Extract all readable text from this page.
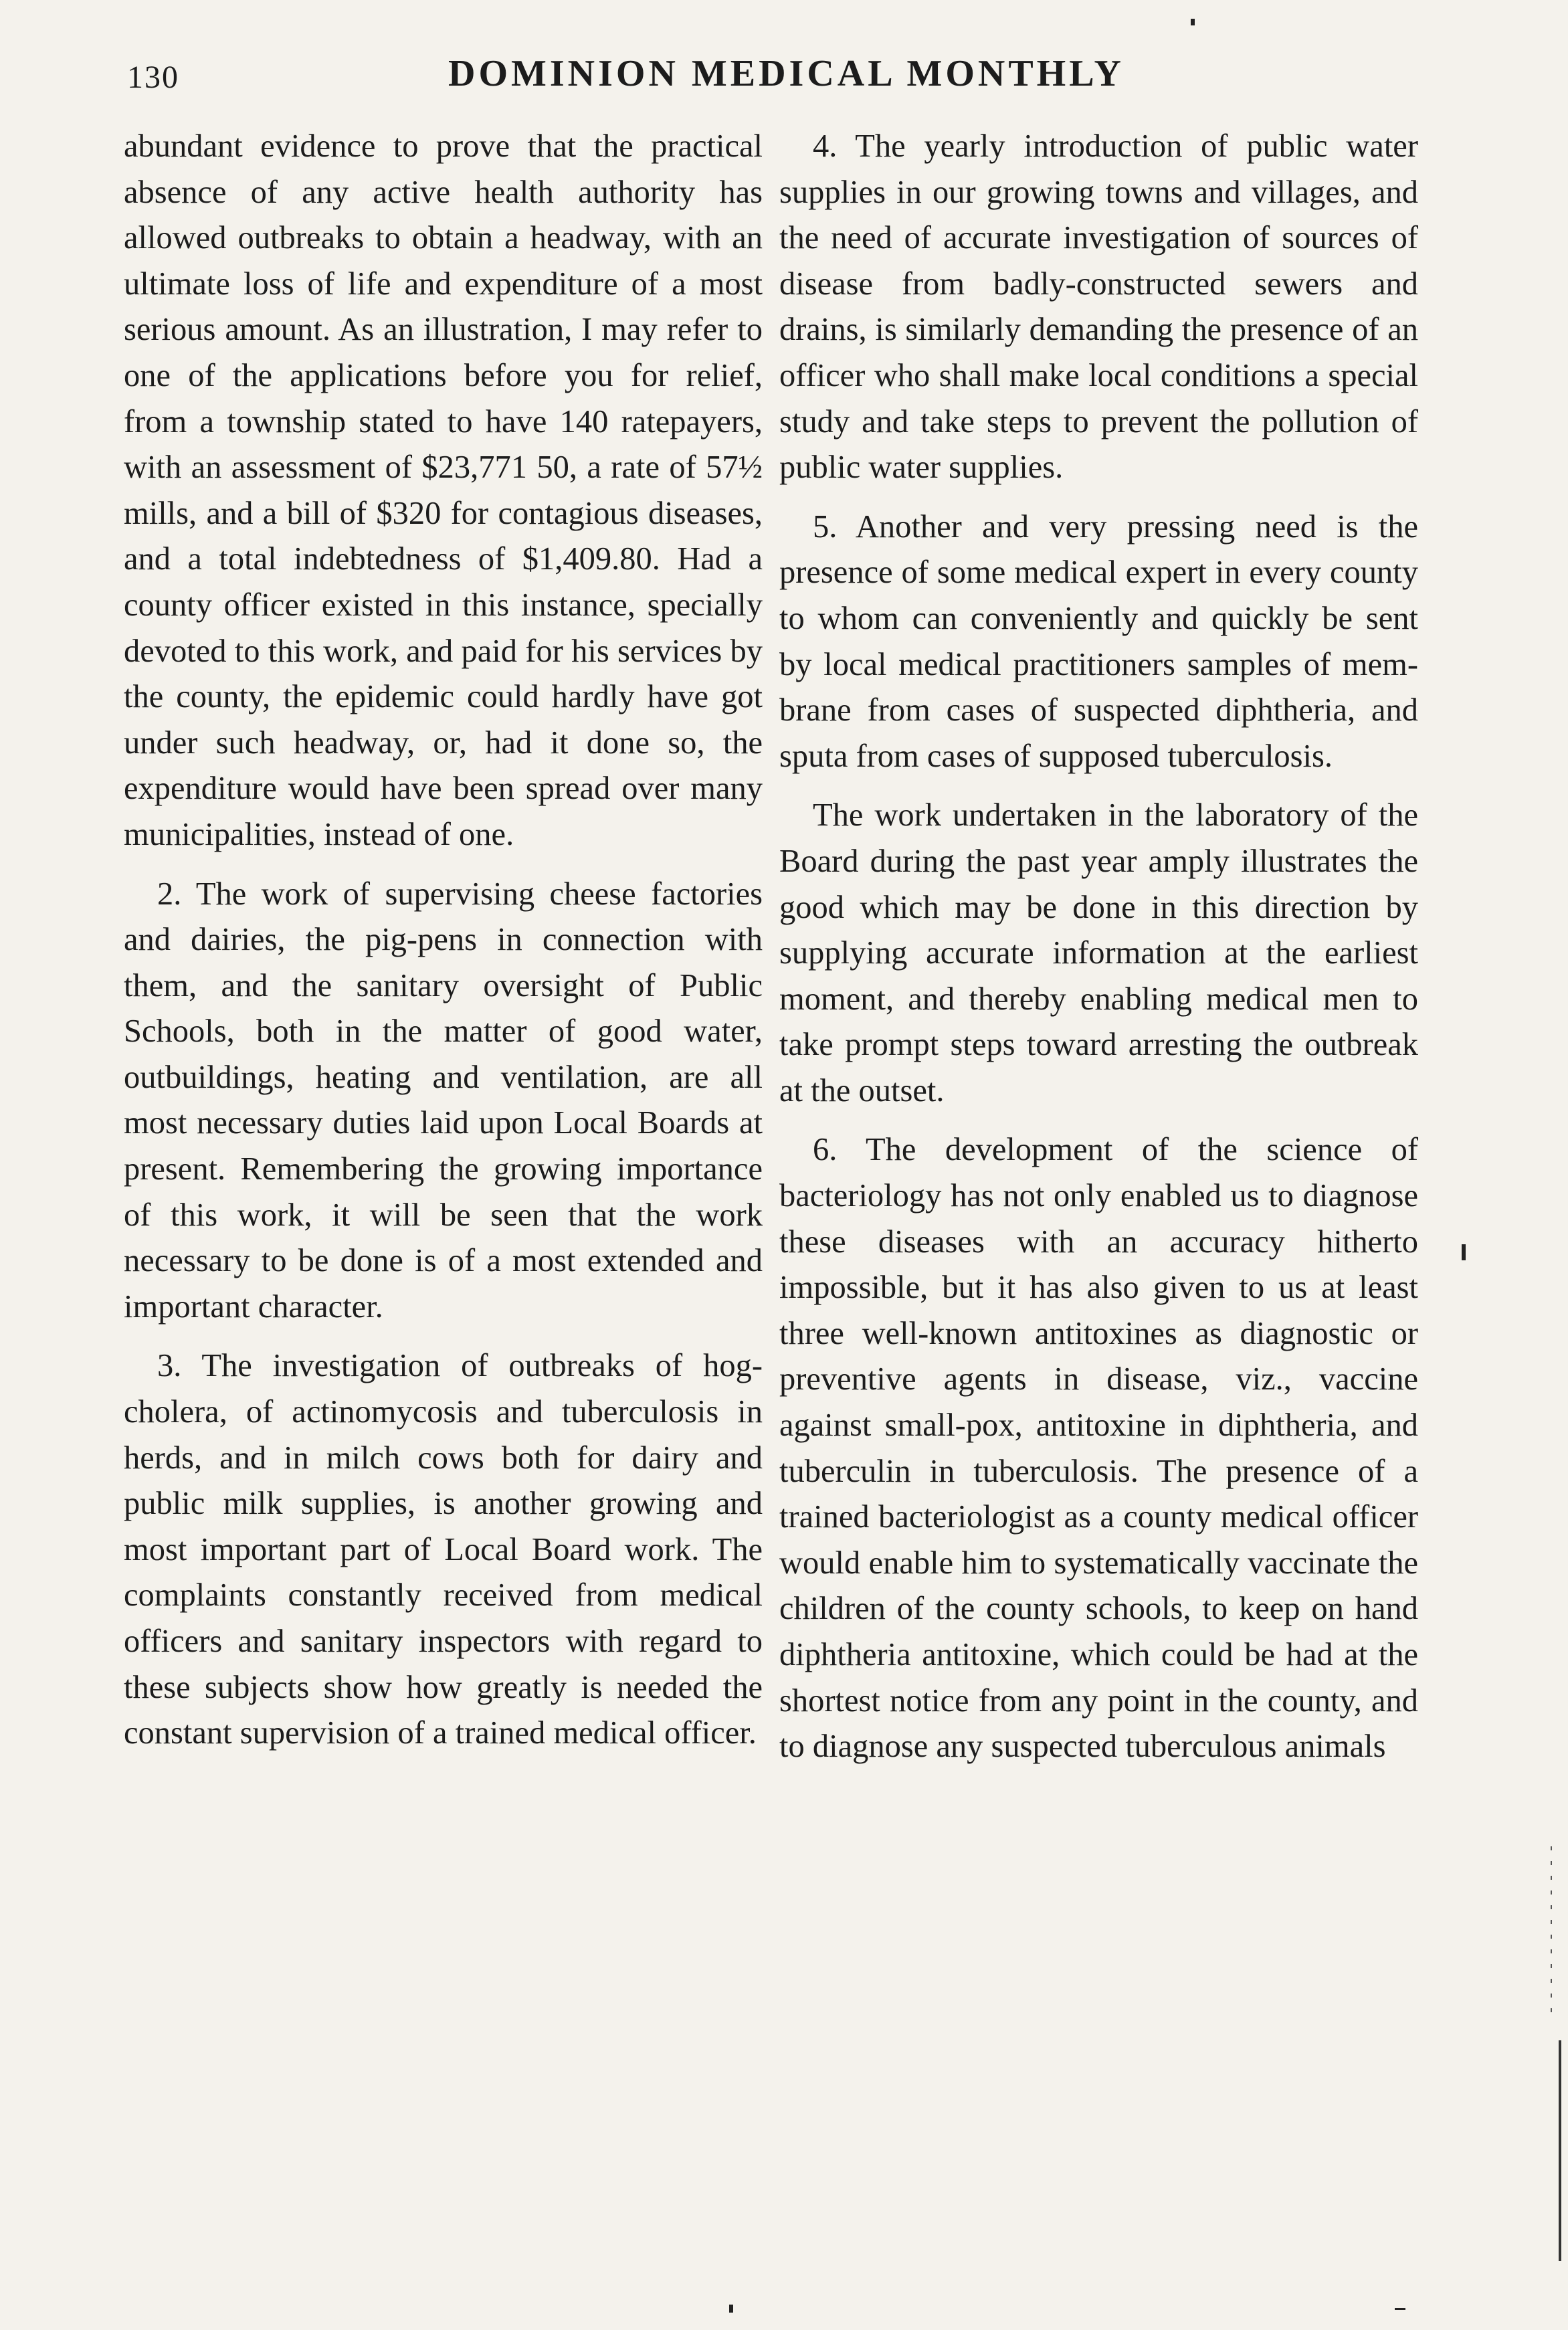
130	DOMINION MEDICAL MONTHLY

abundant evidence to prove that the practical absence of any active health authority has allowed outbreaks to obtain a headway, with an ultimate loss of life and expenditure of a most serious amount. As an illustration, I may refer to one of the applications before you for relief, from a township stated to have 140 ratepayers, with an assessment of $23,771 50, a rate of 57½ mills, and a bill of $320 for contagious diseases, and a total indebtedness of $1,409.80. Had a county officer existed in this instance, specially devoted to this work, and paid for his services by the county, the epidemic could hardly have got under such headway, or, had it done so, the expenditure would have been spread over many municipalities, instead of one.

2. The work of supervising cheese factories and dairies, the pig-pens in connection with them, and the sanitary oversight of Public Schools, both in the matter of good water, outbuildings, heating and ventilation, are all most necessary duties laid upon Local Boards at present. Remembering the growing importance of this work, it will be seen that the work necessary to be done is of a most extended and important character.

3. The investigation of outbreaks of hog-cholera, of actinomycosis and tuberculosis in herds, and in milch cows both for dairy and public milk supplies, is another growing and most important part of Local Board work. The complaints constantly received from medical officers and sanitary inspectors with regard to these subjects show how greatly is needed the constant supervision of a trained medical officer.

4. The yearly introduction of public water supplies in our growing towns and villages, and the need of accurate investigation of sources of disease from badly-constructed sewers and drains, is similarly demanding the presence of an officer who shall make local conditions a special study and take steps to prevent the pollution of public water supplies.

5. Another and very pressing need is the presence of some medical expert in every county to whom can conveniently and quickly be sent by local medical practitioners samples of membrane from cases of suspected diphtheria, and sputa from cases of supposed tuberculosis.

The work undertaken in the laboratory of the Board during the past year amply illustrates the good which may be done in this direction by supplying accurate information at the earliest moment, and thereby enabling medical men to take prompt steps toward arresting the outbreak at the outset.

6. The development of the science of bacteriology has not only enabled us to diagnose these diseases with an accuracy hitherto impossible, but it has also given to us at least three well-known antitoxines as diagnostic or preventive agents in disease, viz., vaccine against small-pox, antitoxine in diphtheria, and tuberculin in tuberculosis. The presence of a trained bacteriologist as a county medical officer would enable him to systematically vaccinate the children of the county schools, to keep on hand diphtheria antitoxine, which could be had at the shortest notice from any point in the county, and to diagnose any suspected tuberculous animals
